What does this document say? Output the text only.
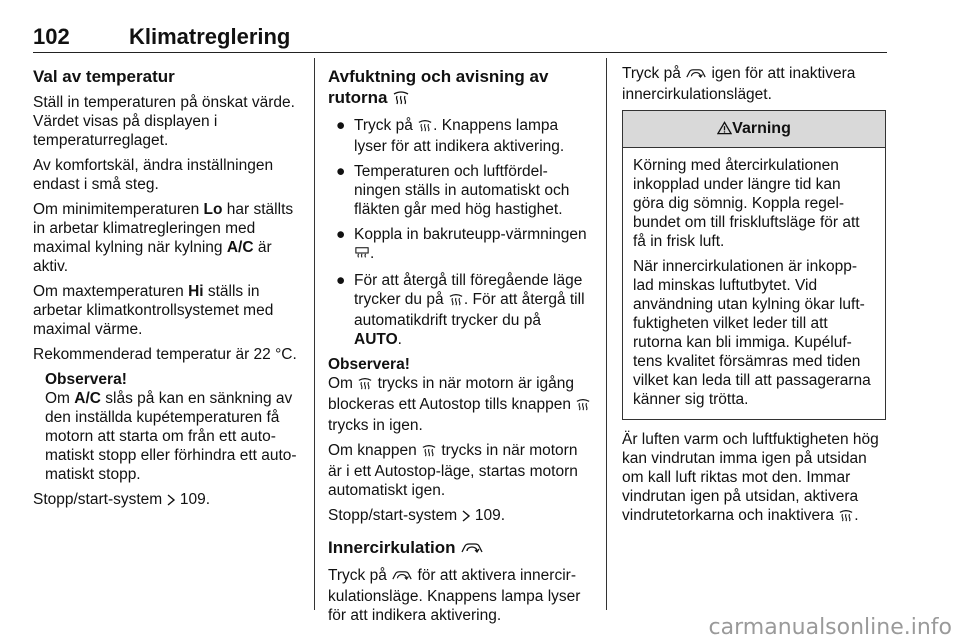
102	Klimatreglering
Val av temperatur

Ställ in temperaturen på önskat värde. Värdet visas på displayen i temperaturreglaget.

Av komfortskäl, ändra inställningen endast i små steg.

Om minimitemperaturen Lo har ställts in arbetar klimatregleringen med maximal kylning när kylning A/C är aktiv.

Om maxtemperaturen Hi ställs in arbetar klimatkontrollsystemet med maximal värme.

Rekommenderad temperatur är 22 °C.

Observera!

Om A/C slås på kan en sänkning av den inställda kupétemperaturen få motorn att starta om från ett auto-matiskt stopp eller förhindra ett auto-matiskt stopp.

Stopp/start-system  109.

Avfuktning och avisning av rutorna
● Tryck på . Knappens lampa lyser för att indikera aktivering.
● Temperaturen och luftfördel-ningen ställs in automatiskt och fläkten går med hög hastighet.
● Koppla in bakruteupp-värmningen .
● För att återgå till föregående läge trycker du på . För att återgå till automatikdrift trycker du på AUTO.
Observera!

Om  trycks in när motorn är igång blockeras ett Autostop tills knappen  trycks in igen.

Om knappen  trycks in när motorn är i ett Autostop-läge, startas motorn automatiskt igen.

Stopp/start-system  109.

Innercirkulation

Tryck på  för att aktivera innercir-kulationsläge. Knappens lampa lyser för att indikera aktivering.

Tryck på  igen för att inaktivera innercirkulationsläget.

Varning

Körning med återcirkulationen inkopplad under längre tid kan göra dig sömnig. Koppla regel-bundet om till friskluftsläge för att få in frisk luft.

När innercirkulationen är inkopp-lad minskas luftutbytet. Vid användning utan kylning ökar luft-fuktigheten vilket leder till att rutorna kan bli immiga. Kupéluf-tens kvalitet försämras med tiden vilket kan leda till att passagerarna känner sig trötta.

Är luften varm och luftfuktigheten hög kan vindrutan imma igen på utsidan om kall luft riktas mot den. Immar vindrutan igen på utsidan, aktivera vindrutetorkarna och inaktivera .

carmanualsonline.info
